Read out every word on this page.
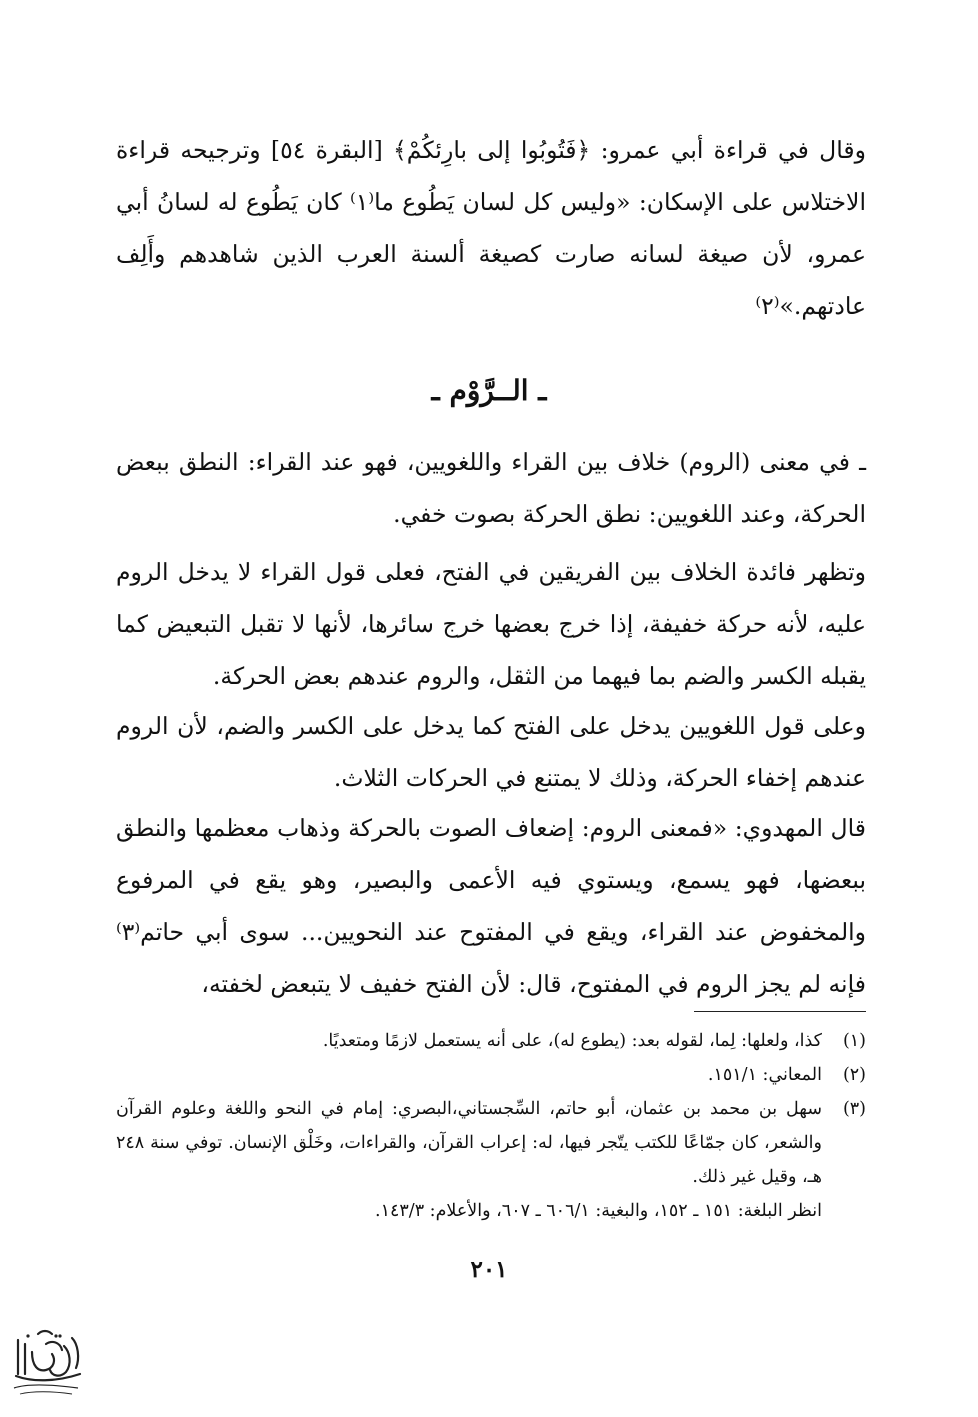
وقال في قراءة أبي عمرو: ﴿فَتُوبُوا إلى بارِئكُمْ﴾ [البقرة ٥٤] وترجيحه قراءة الاختلاس على الإسكان: «وليس كل لسان يَطُوع ما⁽١⁾ كان يَطُوع له لسانُ أبي عمرو، لأن صيغة لسانه صارت كصيغة ألسنة العرب الذين شاهدهم وأَلِف عادتهم.»⁽٢⁾

ـ الــرَّوْم ـ

ـ في معنى (الروم) خلاف بين القراء واللغويين، فهو عند القراء: النطق ببعض الحركة، وعند اللغويين: نطق الحركة بصوت خفي.

وتظهر فائدة الخلاف بين الفريقين في الفتح، فعلى قول القراء لا يدخل الروم عليه، لأنه حركة خفيفة، إذا خرج بعضها خرج سائرها، لأنها لا تقبل التبعيض كما يقبله الكسر والضم بما فيهما من الثقل، والروم عندهم بعض الحركة.

وعلى قول اللغويين يدخل على الفتح كما يدخل على الكسر والضم، لأن الروم عندهم إخفاء الحركة، وذلك لا يمتنع في الحركات الثلاث.

قال المهدوي: «فمعنى الروم: إضعاف الصوت بالحركة وذهاب معظمها والنطق ببعضها، فهو يسمع، ويستوي فيه الأعمى والبصير، وهو يقع في المرفوع والمخفوض عند القراء، ويقع في المفتوح عند النحويين... سوى أبي حاتم⁽٣⁾ فإنه لم يجز الروم في المفتوح، قال: لأن الفتح خفيف لا يتبعض لخفته،

(١)
كذا، ولعلها: لِما، لقوله بعد: (يطوع له)، على أنه يستعمل لازمًا ومتعديًا.
(٢)
المعاني: ١٥١/١.
(٣)
سهل بن محمد بن عثمان، أبو حاتم، السِّجستاني،البصري: إمام في النحو واللغة وعلوم القرآن والشعر، كان جمّاعًا للكتب يتّجر فيها، له: إعراب القرآن، والقراءات، وخَلْق الإنسان. توفي سنة ٢٤٨ هـ، وقيل غير ذلك.
انظر البلغة: ١٥١ ـ ١٥٢، والبغية: ٦٠٦/١ ـ ٦٠٧، والأعلام: ١٤٣/٣.
٢٠١
